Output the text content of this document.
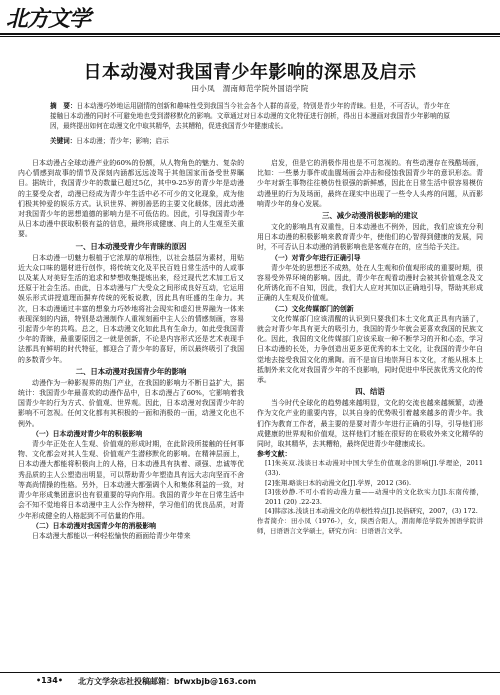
北方文学
日本动漫对我国青少年影响的深思及启示
田小凤　渭南师范学院外国语学院
摘　要：日本动漫巧妙地运用剧情的创新和趣味性受到我国当今社会各个人群的喜爱，特别是青少年的青睐。但是，不可否认，青少年在接触日本动漫的同时不可避免地也受到潜移默化的影响。文章通过对日本动漫的文化特征进行剖析，得出日本漫画对我国青少年影响的原因，最终提出如何在动漫文化中取其精华，去其糟粕，促进我国青少年健康成长。
关键词：日本动漫；青少年；影响；启示

日本动漫占全球动漫产业的60%的份额，从人物角色的魅力、复杂的内心情感到故事的情节及深刻内涵都远远凌驾于其他国家而备受世界瞩目。据统计，我国青少年的数量已超过5亿，其中9-25岁的青少年是动漫的主要受众者，动漫已经成为青少年生活中必不可少的文化现象，成为他们极其钟爱的娱乐方式。认识世界、辨别善恶的主要文化载体，因此动漫对我国青少年的思想道德的影响力是不可低估的。因此，引导我国青少年从日本动漫中获取积极有益的信息，最终形成健康、向上的人生观至关重要。

一、日本动漫受青少年青睐的原因

日本动漫一切魅力根植于它浓厚的草根性，以社会基层为素材，用贴近大众口味的题材进行创作，将传统文化及平民百姓日常生活中的人或事以及某人对美好生活的追求和梦想收集提炼出来，经过现代艺术加工后又还原于社会生活。由此，日本动漫与广大受众之间形成良好互动，它运用娱乐形式讲授道理而摒弃传统的死板说教，因此具有旺盛的生命力。其次，日本动漫通过丰富的想象力巧妙地将社会现实和虚幻世界融为一体来表现深刻的内涵，特别是动漫制作人重视刻画中主人公的情感刻画，容易引起青少年的共鸣。总之，日本动漫文化如此具有生命力，如此受我国青少年的青睐，最重要原因之一就是创新，不论是内容形式还是艺术表现手法都具有鲜明的时代特征，都迎合了青少年的喜好，所以最终吸引了我国的多数青少年。

二、日本动漫对我国青少年的影响

动漫作为一种影视界的热门产业，在我国的影响力不断日益扩大，据统计：我国青少年最喜欢的动漫作品中，日本动漫占了60%，它影响着我国青少年的行为方式、价值观、世界观。因此，日本动漫对我国青少年的影响不可忽视。任何文化都有其积极的一面和消极的一面，动漫文化也不例外。

（一）日本动漫对青少年的积极影响

青少年正处在人生观、价值观的形成时期，在此阶段所接触的任何事物、文化都会对其人生观、价值观产生潜移默化的影响。在精神层面上，日本动漫大都能将积极向上的人格，日本动漫具有执着、顽强、忠诚等优秀品质的主人公塑造出明显，可以帮助青少年塑造具有远大志向坚而不舍等高尚情操的性格。另外，日本动漫大都强调个人和集体利益的一致，对青少年形成集团意识也有很重要的导向作用。我国的青少年在日常生活中会不知不觉地将日本动漫中主人公作为榜样，学习他们的优良品质，对青少年形成健全的人格起到不可估量的作用。

（二）日本动漫对我国青少年的消极影响

日本动漫大都能以一种轻松愉快的画面给青少年带来

启发，但是它的消极作用也是不可忽视的。有些动漫存在残酷场面，比如：一些暴力事件或血腥场面会冲击和侵蚀我国青少年的意识形态。青少年对新生事物往往模仿性很强的新鲜感，因此在日常生活中很容易模仿动漫里的行为及场面，最终在现实中出现了一些令人头疼的问题，从而影响青少年的身心发展。

三、减少动漫消极影响的建议

文化的影响具有双重性，日本动漫也不例外，因此，我们应该充分利用日本动漫的积极影响来教育青少年，使他们的心智得到健康的发展，同时，不可否认日本动漫的消极影响也是客观存在的，应当给予关注。

（一）对青少年进行正确引导

青少年处的思想还不成熟，处在人生观和价值观形成的重要时期，很容易受外界环境的影响。因此，青少年在观看动漫时会被其价值观念及文化所诱化而不自知，因此，我们大人应对其加以正确地引导，帮助其形成正确的人生观及价值观。

（二）文化传媒部门的创新

文化传媒部门应该清醒的认识到只要我们本土文化真正具有内涵了，就会对青少年具有更大的吸引力，我国的青少年就会更喜欢我国的民族文化。因此，我国的文化传媒部门应该采取一种不断学习的开和心态，学习日本动漫的长处，力争创造出更多更优秀的本土文化，让我国的青少年自觉地去接受我国文化的熏陶。而不是盲目地崇拜日本文化，才能从根本上抵制外来文化对我国青少年的不良影响，同时促进中华民族优秀文化的传承。

四、结语

当今时代全球化的趋势越来越明显，文化的交流也越来越频繁，动漫作为文化产业的重要内容，以其自身的优势吸引着越来越多的青少年。我们作为教育工作者，最主要的是要对青少年进行正确的引导，引导他们形成健康的世界观和价值观，这样他们才能在很好的在吸收外来文化精华的同时，取其精华，去其糟粕，最终促进青少年健康成长。

参考文献：

[1]朱英双.浅谈日本动漫对中国大学生价值观念的影响[J].学理论，2011 (33).

[2]张翔.略谈日本的动漫文化[J].学界，2012 (36).

[3]张妙静.不可小看的动漫力量——动漫中的文化软实力[J].东南传播，2011 (20) .22-23.

[4]韩彦冰.浅谈日本动漫文化的草根性特点[J].民俗研究，2007，(3) 172.

作者简介：田小凤（1976-），女，陕西合阳人，渭南师范学院外国语学院讲师，日语语言文学硕士，研究方向：日语语言文学。

•134• 北方文学杂志社投稿邮箱：bfwxbjb@163.com
